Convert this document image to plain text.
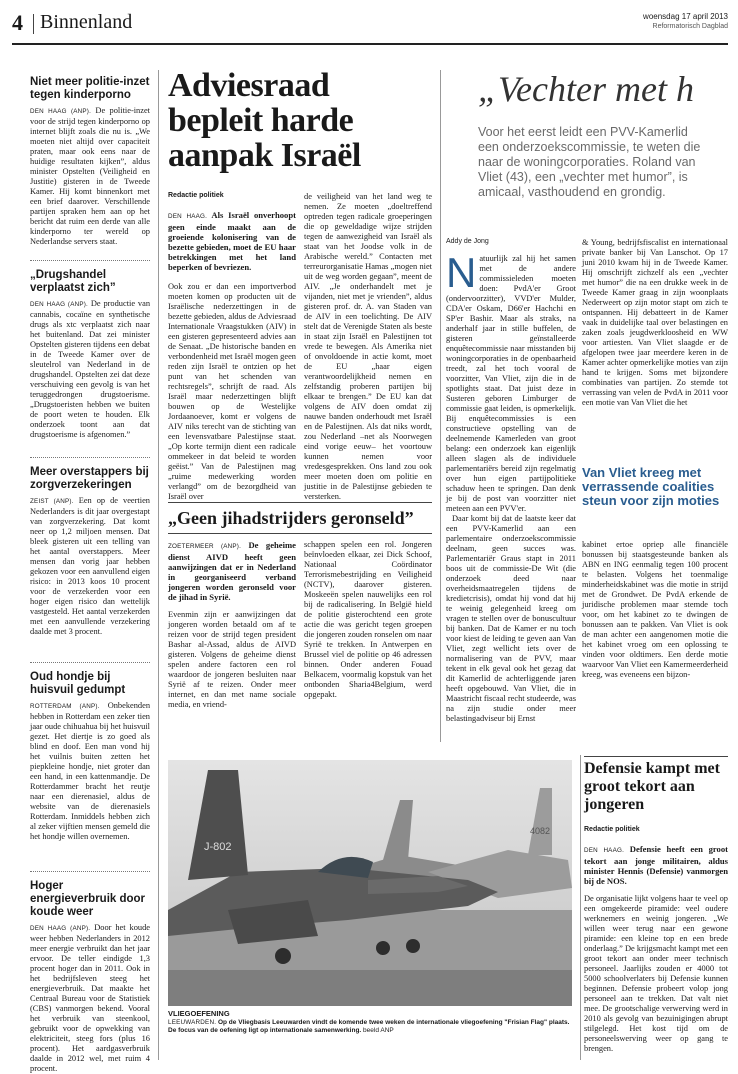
4 Binnenland	woensdag 17 april 2013
Reformatorisch Dagblad
Niet meer politie-inzet tegen kinderporno
DEN HAAG (ANP). De politie-inzet voor de strijd tegen kinderporno op internet blijft zoals die nu is. „We moeten niet altijd over capaciteit praten, maar ook eens naar de huidige resultaten kijken”, aldus minister Opstelten (Veiligheid en Justitie) gisteren in de Tweede Kamer. Hij komt binnenkort met een brief daarover. Verschillende partijen spraken hem aan op het bericht dat ruim een derde van alle kinderporno ter wereld op Nederlandse servers staat.
„Drugshandel verplaatst zich”
DEN HAAG (ANP). De productie van cannabis, cocaïne en synthetische drugs als xtc verplaatst zich naar het buitenland. Dat zei minister Opstelten gisteren tijdens een debat in de Tweede Kamer over de sleutelrol van Nederland in de drugshandel. Opstelten zei dat deze verschuiving een gevolg is van het teruggedrongen drugstoerisme. „Drugstoeristen hebben we buiten de poort weten te houden. Elk onderzoek toont aan dat drugstoerisme is afgenomen.”
Meer overstappers bij zorgverzekeringen
ZEIST (ANP). Een op de veertien Nederlanders is dit jaar overgestapt van zorgverzekering. Dat komt neer op 1,2 miljoen mensen. Dat bleek gisteren uit een telling van het aantal overstappers. Meer mensen dan vorig jaar hebben gekozen voor een aanvullend eigen risico: in 2013 koos 10 procent voor de verzekerden voor een hoger eigen risico dan wettelijk vastgesteld. Het aantal verzekerden met een aanvullende verzekering daalde met 3 procent.
Oud hondje bij huisvuil gedumpt
ROTTERDAM (ANP). Onbekenden hebben in Rotterdam een zeker tien jaar oude chihuahua bij het huisvuil gezet. Het diertje is zo goed als blind en doof. Een man vond hij het vuilnis buiten zetten het piepkleine hondje, niet groter dan een hand, in een kattenmandje. De Rotterdammer bracht het reutje naar een dierenasiel, aldus de website van de dierenasiels Rotterdam. Inmiddels hebben zich al zeker vijftien mensen gemeld die het hondje willen overnemen.
Hoger energieverbruik door koude weer
DEN HAAG (ANP). Door het koude weer hebben Nederlanders in 2012 meer energie verbruikt dan het jaar ervoor. De teller eindigde 1,3 procent hoger dan in 2011. Ook in het bedrijfsleven steeg het energieverbruik. Dat maakte het Centraal Bureau voor de Statistiek (CBS) vanmorgen bekend. Vooral het verbruik van steenkool, gebruikt voor de opwekking van elektriciteit, steeg fors (plus 16 procent). Het aardgasverbruik daalde in 2012 wel, met ruim 4 procent.
Adviesraad bepleit harde aanpak Israël
Redactie politiek
DEN HAAG. Als Israël onverhoopt geen einde maakt aan de groeiende kolonisering van de bezette gebieden, moet de EU haar betrekkingen met het land beperken of bevriezen.

Ook zou er dan een importverbod moeten komen op producten uit de Israëlische nederzettingen in de bezette gebieden, aldus de Adviesraad Internationale Vraagstukken (AIV) in een gisteren gepresenteerd advies aan de Senaat. „De historische banden en verbondenheid met Israël mogen geen reden zijn Israël te ontzien op het punt van het schenden van rechtsregels”, schrijft de raad. Als Israël maar nederzettingen blijft bouwen op de Westelijke Jordaanoever, komt er volgens de AIV niks terecht van de stichting van een levensvatbare Palestijnse staat. „Op korte termijn dient een radicale ommekeer in dat beleid te worden geëist.” Van de Palestijnen mag „ruime medewerking worden verlangd” om de bezorgdheid van Israël over

de veiligheid van het land weg te nemen. Ze moeten „doeltreffend optreden tegen radicale groeperingen die op geweldadige wijze strijden tegen de aanwezigheid van Israël als staat van het Joodse volk in de Arabische wereld.” Contacten met terreurorganisatie Hamas „mogen niet uit de weg worden gegaan”, meent de AIV. „Je onderhandelt met je vijanden, niet met je vrienden”, aldus gisteren prof. dr. A. van Staden van de AIV in een toelichting. De AIV stelt dat de Verenigde Staten als beste in staat zijn Israël en Palestijnen tot vrede te bewegen. Als Amerika niet of onvoldoende in actie komt, moet de EU „haar eigen verantwoordelijkheid nemen en zelfstandig proberen partijen bij elkaar te brengen.” De EU kan dat volgens de AIV doen omdat zij nauwe banden onderhoudt met Israël en de Palestijnen. Als dat niks wordt, zou Nederland –net als Noorwegen eind vorige eeuw– het voortouw kunnen nemen voor vredesgesprekken. Ons land zou ook meer moeten doen om politie en justitie in de Palestijnse gebieden te versterken.

„Geen jihadstrijders geronseld”
ZOETERMEER (ANP). De geheime dienst AIVD heeft geen aanwijzingen dat er in Nederland in georganiseerd verband jongeren worden geronseld voor de jihad in Syrië.

Evenmin zijn er aanwijzingen dat jongeren worden betaald om af te reizen voor de strijd tegen president Bashar al-Assad, aldus de AIVD gisteren. Volgens de geheime dienst spelen andere factoren een rol waardoor de jongeren besluiten naar Syrië af te reizen. Onder meer internet, en dan met name sociale media, en vriend-

schappen spelen een rol. Jongeren beïnvloeden elkaar, zei Dick Schoof, Nationaal Coördinator Terrorismebestrijding en Veiligheid (NCTV), daarover gisteren. Moskeeën spelen nauwelijks een rol bij de radicalisering. In België hield de politie gisterochtend een grote actie die was gericht tegen groepen die jongeren zouden ronselen om naar Syrië te trekken. In Antwerpen en Brussel viel de politie op 46 adressen binnen. Onder anderen Fouad Belkacem, voormalig kopstuk van het ontbonden Sharia4Belgium, werd opgepakt.

„Vechter met h
Voor het eerst leidt een PVV-Kamerlid een onderzoekscommissie, te weten die naar de woningcorporaties. Roland van Vliet (43), een „vechter met humor”, is amicaal, vasthoudend en grondig.
Addy de Jong
N atuurlijk zal hij het samen met de andere commissieleden moeten doen: PvdA'er Groot (ondervoorzitter), VVD'er Mulder, CDA'er Oskam, D66'er Hachchi en SP'er Bashir. Maar als straks, na anderhalf jaar in stille buffelen, de gisteren geïnstalleerde enquêtecommissie naar misstanden bij woningcorporaties in de openbaarheid treedt, zal het toch vooral de voorzitter, Van Vliet, zijn die in de spotlights staat. Dat juist deze in Susteren geboren Limburger de commissie gaat leiden, is opmerkelijk. Bij enquêtecommissies is een constructieve opstelling van de deelnemende Kamerleden van groot belang: een onderzoek kan eigenlijk alleen slagen als de individuele parlementariërs bereid zijn regelmatig over hun eigen partijpolitieke schaduw heen te springen. Dan denk je bij de post van voorzitter niet meteen aan een PVV'er.

Daar komt bij dat de laatste keer dat een PVV-Kamerlid aan een parlementaire onderzoekscommissie deelnam, geen succes was. Parlementariër Graus stapt in 2011 boos uit de commissie-De Wit (die onderzoek deed naar overheidsmaatregelen tijdens de kredietcrisis), omdat hij vond dat hij te weinig gelegenheid kreeg om vragen te stellen over de bonuscultuur bij banken. Dat de Kamer er nu toch voor kiest de leiding te geven aan Van Vliet, zegt wellicht iets over de normalisering van de PVV, maar tekent in elk geval ook het gezag dat dit Kamerlid de achterliggende jaren heeft opgebouwd. Van Vliet, die in Maastricht fiscaal recht studeerde, was na zijn studie onder meer belastingadviseur bij Ernst

& Young, bedrijfsfiscalist en internationaal private banker bij Van Lanschot. Op 17 juni 2010 kwam hij in de Tweede Kamer. Hij omschrijft zichzelf als een „vechter met humor” die na een drukke week in de Tweede Kamer graag in zijn woonplaats Nederweert op zijn motor stapt om zich te ontspannen. Hij debatteert in de Kamer vaak in duidelijke taal over belastingen en zaken zoals jeugdwerkloosheid en WW voor artiesten. Van Vliet slaagde er de afgelopen twee jaar meerdere keren in de Kamer achter opmerkelijke moties van zijn hand te krijgen. Soms met bijzondere combinaties van partijen. Zo stemde tot verrassing van velen de PvdA in 2011 voor een motie van Van Vliet die het

Van Vliet kreeg met verrassende coalities steun voor zijn moties

kabinet ertoe opriep alle financiële bonussen bij staatsgesteunde banken als ABN en ING eenmalig tegen 100 procent te belasten. Volgens het toenmalige minderheidskabinet was die motie in strijd met de Grondwet. De PvdA erkende de juridische problemen maar stemde toch voor, om het kabinet zo te dwingen de bonussen aan te pakken. Van Vliet is ook de man achter een aangenomen motie die het kabinet vroeg om een oplossing te vinden voor oldtimers. Een derde motie waarvoor Van Vliet een Kamermeerderheid kreeg, was eveneens een bijzon-

J-802
4082
VLIEGOEFENING
LEEUWARDEN. Op de Vliegbasis Leeuwarden vindt de komende twee weken de internationale vliegoefening "Frisian Flag" plaats. De focus van de oefening ligt op internationale samenwerking. beeld ANP
Defensie kampt met groot tekort aan jongeren
Redactie politiek
DEN HAAG. Defensie heeft een groot tekort aan jonge militairen, aldus minister Hennis (Defensie) vanmorgen bij de NOS.

De organisatie lijkt volgens haar te veel op een omgekeerde piramide: veel oudere werknemers en weinig jongeren. „We willen weer terug naar een gewone piramide: een kleine top en een brede onderlaag.” De krijgsmacht kampt met een groot tekort aan onder meer technisch personeel. Jaarlijks zouden er 4000 tot 5000 schoolverlaters bij Defensie kunnen beginnen. Defensie probeert volop jong personeel aan te trekken. Dat valt niet mee. De grootschalige verwerving werd in 2010 als gevolg van bezuinigingen abrupt stilgelegd. Het kost tijd om de personeelswerving weer op gang te brengen.
